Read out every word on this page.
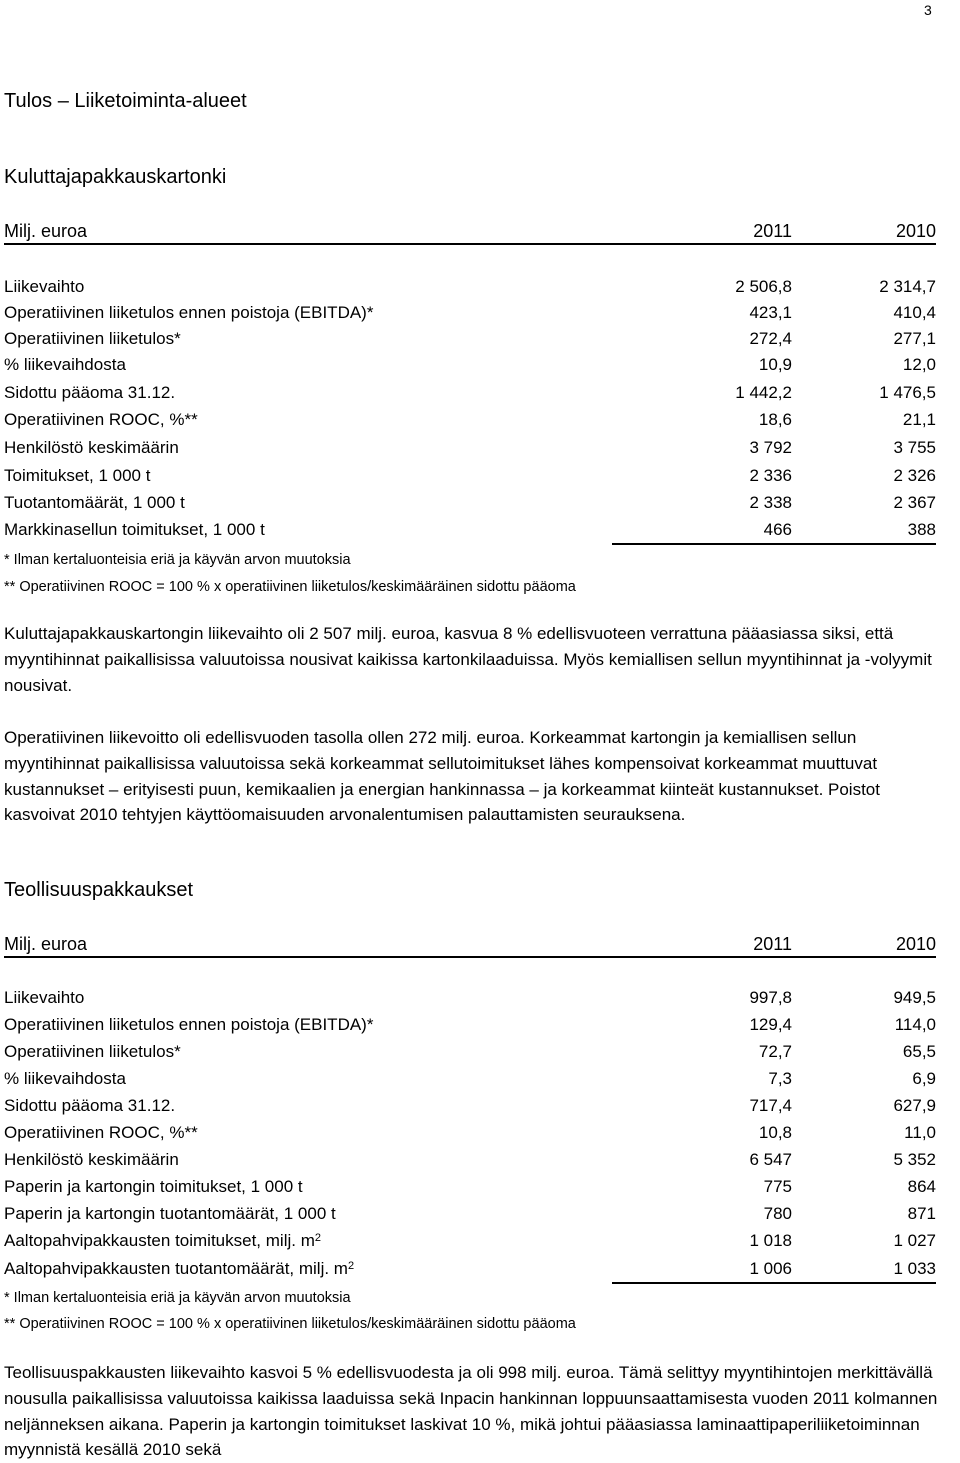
3
Tulos – Liiketoiminta-alueet
Kuluttajapakkauskartonki
Milj. euroa	2011	2010
Liikevaihto	2 506,8	2 314,7
Operatiivinen liiketulos ennen poistoja (EBITDA)*	423,1	410,4
Operatiivinen liiketulos*	272,4	277,1
% liikevaihdosta	10,9	12,0
Sidottu pääoma 31.12.	1 442,2	1 476,5
Operatiivinen ROOC, %**	18,6	21,1
Henkilöstö keskimäärin	3 792	3 755
Toimitukset, 1 000 t	2 336	2 326
Tuotantomäärät, 1 000 t	2 338	2 367
Markkinasellun toimitukset, 1 000 t	466	388
* Ilman kertaluonteisia eriä ja käyvän arvon muutoksia
** Operatiivinen ROOC = 100 % x operatiivinen liiketulos/keskimääräinen sidottu pääoma
Kuluttajapakkauskartongin liikevaihto oli 2 507 milj. euroa, kasvua 8 % edellisvuoteen verrattuna pääasiassa siksi, että myyntihinnat paikallisissa valuutoissa nousivat kaikissa kartonkilaaduissa. Myös kemiallisen sellun myyntihinnat ja -volyymit nousivat.
Operatiivinen liikevoitto oli edellisvuoden tasolla ollen 272 milj. euroa. Korkeammat kartongin ja kemiallisen sellun myyntihinnat paikallisissa valuutoissa sekä korkeammat sellutoimitukset lähes kompensoivat korkeammat muuttuvat kustannukset – erityisesti puun, kemikaalien ja energian hankinnassa – ja korkeammat kiinteät kustannukset. Poistot kasvoivat 2010 tehtyjen käyttöomaisuuden arvonalentumisen palauttamisten seurauksena.
Teollisuuspakkaukset
Milj. euroa	2011	2010
Liikevaihto	997,8	949,5
Operatiivinen liiketulos ennen poistoja (EBITDA)*	129,4	114,0
Operatiivinen liiketulos*	72,7	65,5
% liikevaihdosta	7,3	6,9
Sidottu pääoma 31.12.	717,4	627,9
Operatiivinen ROOC, %**	10,8	11,0
Henkilöstö keskimäärin	6 547	5 352
Paperin ja kartongin toimitukset, 1 000 t	775	864
Paperin ja kartongin tuotantomäärät, 1 000 t	780	871
Aaltopahvipakkausten toimitukset, milj. $m^2$	1 018	1 027
Aaltopahvipakkausten tuotantomäärät, milj. $m^2$	1 006	1 033
* Ilman kertaluonteisia eriä ja käyvän arvon muutoksia
** Operatiivinen ROOC = 100 % x operatiivinen liiketulos/keskimääräinen sidottu pääoma
Teollisuuspakkausten liikevaihto kasvoi 5 % edellisvuodesta ja oli 998 milj. euroa. Tämä selittyy myyntihintojen merkittävällä nousulla paikallisissa valuutoissa kaikissa laaduissa sekä Inpacin hankinnan loppuunsaattamisesta vuoden 2011 kolmannen neljänneksen aikana. Paperin ja kartongin toimitukset laskivat 10 %, mikä johtui pääasiassa laminaattipaperiliiketoiminnan myynnistä kesällä 2010 sekä
